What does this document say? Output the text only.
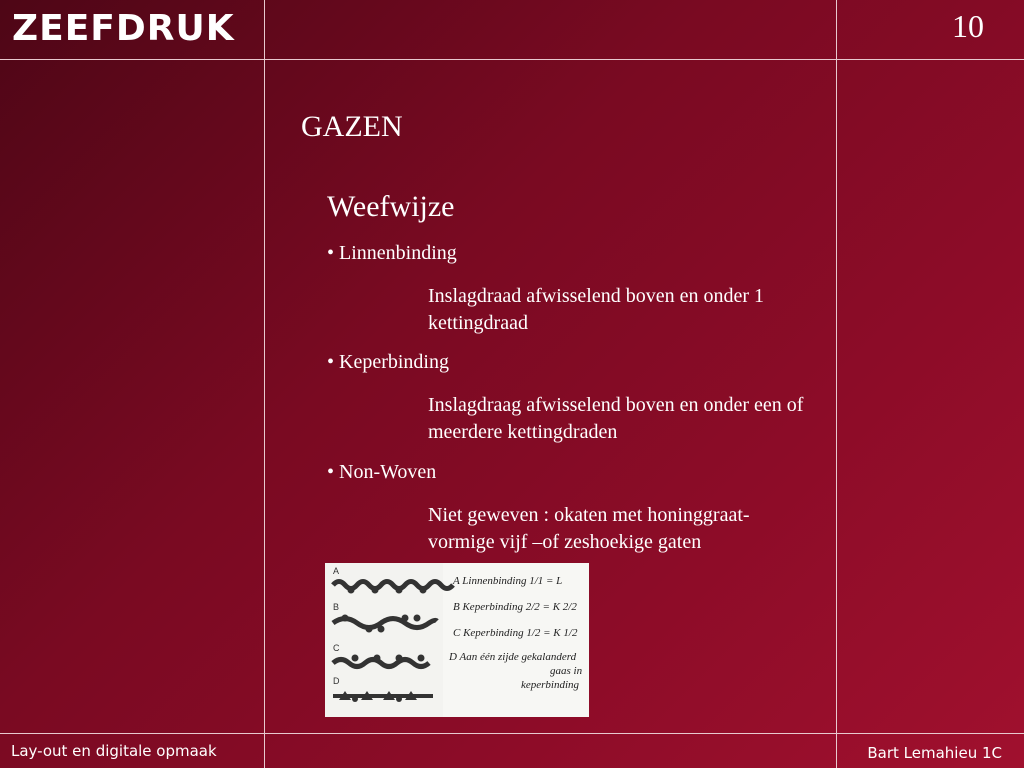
ZEEFDRUK	10
GAZEN
Weefwijze
• Linnenbinding
Inslagdraad afwisselend boven en onder 1 kettingdraad
• Keperbinding
Inslagdraag afwisselend boven en onder een of meerdere kettingdraden
• Non-Woven
Niet geweven : okaten met honinggraat-vormige vijf –of zeshoekige gaten
A
B
C
D
A Linnenbinding 1/1 = L
B Keperbinding 2/2 = K 2/2
C Keperbinding 1/2 = K 1/2
D Aan één zijde gekalanderd
gaas in
keperbinding
Lay-out en digitale opmaak	Bart Lemahieu 1C
